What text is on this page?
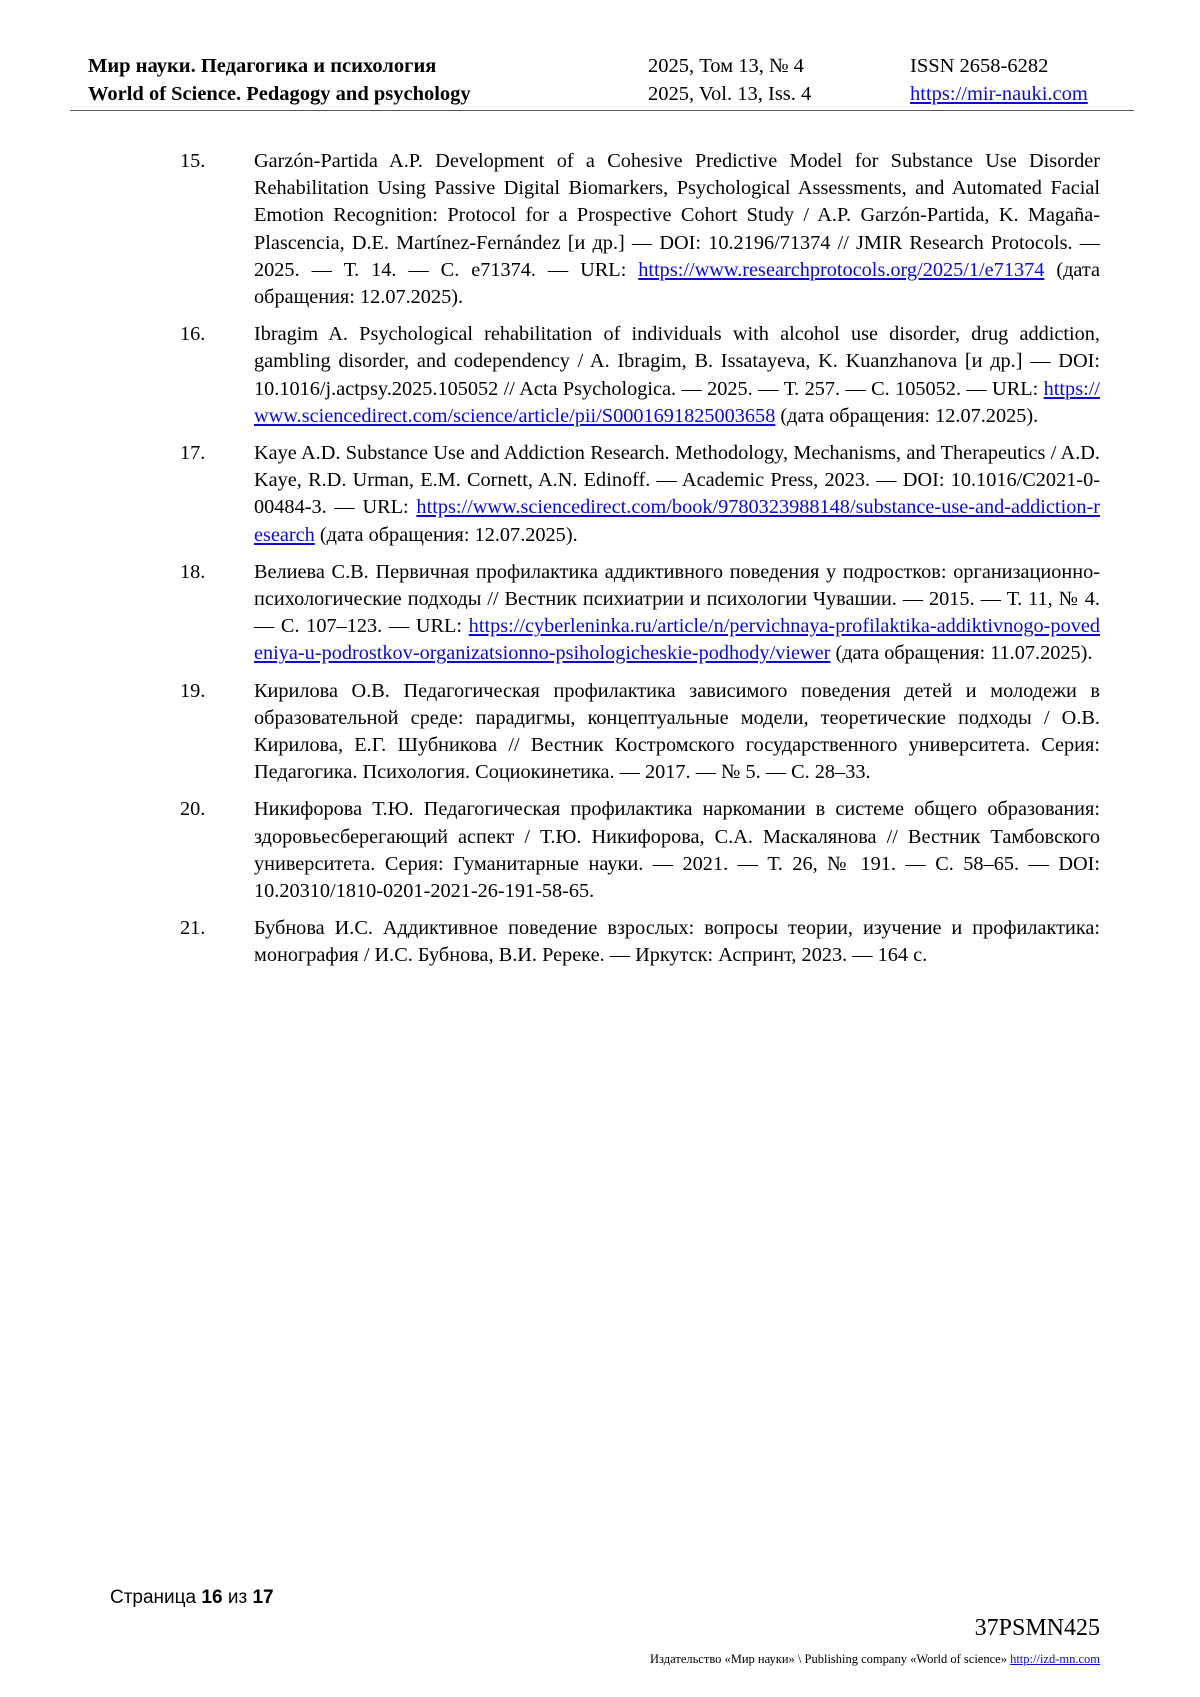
Мир науки. Педагогика и психология	2025, Том 13, № 4	ISSN 2658-6282
World of Science. Pedagogy and psychology	2025, Vol. 13, Iss. 4	https://mir-nauki.com
15. Garzón-Partida A.P. Development of a Cohesive Predictive Model for Substance Use Disorder Rehabilitation Using Passive Digital Biomarkers, Psychological Assessments, and Automated Facial Emotion Recognition: Protocol for a Prospective Cohort Study / A.P. Garzón-Partida, K. Magaña-Plascencia, D.E. Martínez-Fernández [и др.] — DOI: 10.2196/71374 // JMIR Research Protocols. — 2025. — Т. 14. — С. e71374. — URL: https://www.researchprotocols.org/2025/1/e71374 (дата обращения: 12.07.2025).
16. Ibragim A. Psychological rehabilitation of individuals with alcohol use disorder, drug addiction, gambling disorder, and codependency / A. Ibragim, B. Issatayeva, K. Kuanzhanova [и др.] — DOI: 10.1016/j.actpsy.2025.105052 // Acta Psychologica. — 2025. — Т. 257. — С. 105052. — URL: https://www.sciencedirect.com/science/article/pii/S0001691825003658 (дата обращения: 12.07.2025).
17. Kaye A.D. Substance Use and Addiction Research. Methodology, Mechanisms, and Therapeutics / A.D. Kaye, R.D. Urman, E.M. Cornett, A.N. Edinoff. — Academic Press, 2023. — DOI: 10.1016/C2021-0-00484-3. — URL: https://www.sciencedirect.com/book/9780323988148/substance-use-and-addiction-research (дата обращения: 12.07.2025).
18. Велиева С.В. Первичная профилактика аддиктивного поведения у подростков: организационно-психологические подходы // Вестник психиатрии и психологии Чувашии. — 2015. — Т. 11, № 4. — С. 107–123. — URL: https://cyberleninka.ru/article/n/pervichnaya-profilaktika-addiktivnogo-povedeniya-u-podrostkov-organizatsionno-psihologicheskie-podhody/viewer (дата обращения: 11.07.2025).
19. Кирилова О.В. Педагогическая профилактика зависимого поведения детей и молодежи в образовательной среде: парадигмы, концептуальные модели, теоретические подходы / О.В. Кирилова, Е.Г. Шубникова // Вестник Костромского государственного университета. Серия: Педагогика. Психология. Социокинетика. — 2017. — № 5. — С. 28–33.
20. Никифорова Т.Ю. Педагогическая профилактика наркомании в системе общего образования: здоровьесберегающий аспект / Т.Ю. Никифорова, С.А. Маскалянова // Вестник Тамбовского университета. Серия: Гуманитарные науки. — 2021. — Т. 26, № 191. — С. 58–65. — DOI: 10.20310/1810-0201-2021-26-191-58-65.
21. Бубнова И.С. Аддиктивное поведение взрослых: вопросы теории, изучение и профилактика: монография / И.С. Бубнова, В.И. Ререке. — Иркутск: Аспринт, 2023. — 164 с.
Страница 16 из 17
37PSMN425
Издательство «Мир науки» \ Publishing company «World of science» http://izd-mn.com
